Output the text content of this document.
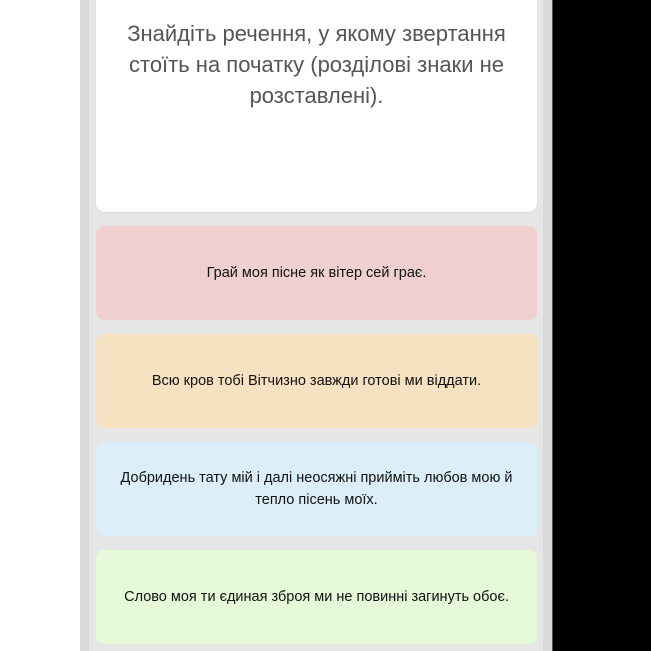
Знайдіть речення, у якому звертання стоїть на початку (розділові знаки не розставлені).

Грай моя пісне як вітер сей грає.
Всю кров тобі Вітчизно завжди готові ми віддати.
Добридень тату мій і далі неосяжні прийміть любов мою й тепло пісень моїх.
Слово моя ти єдиная зброя ми не повинні загинуть обоє.
